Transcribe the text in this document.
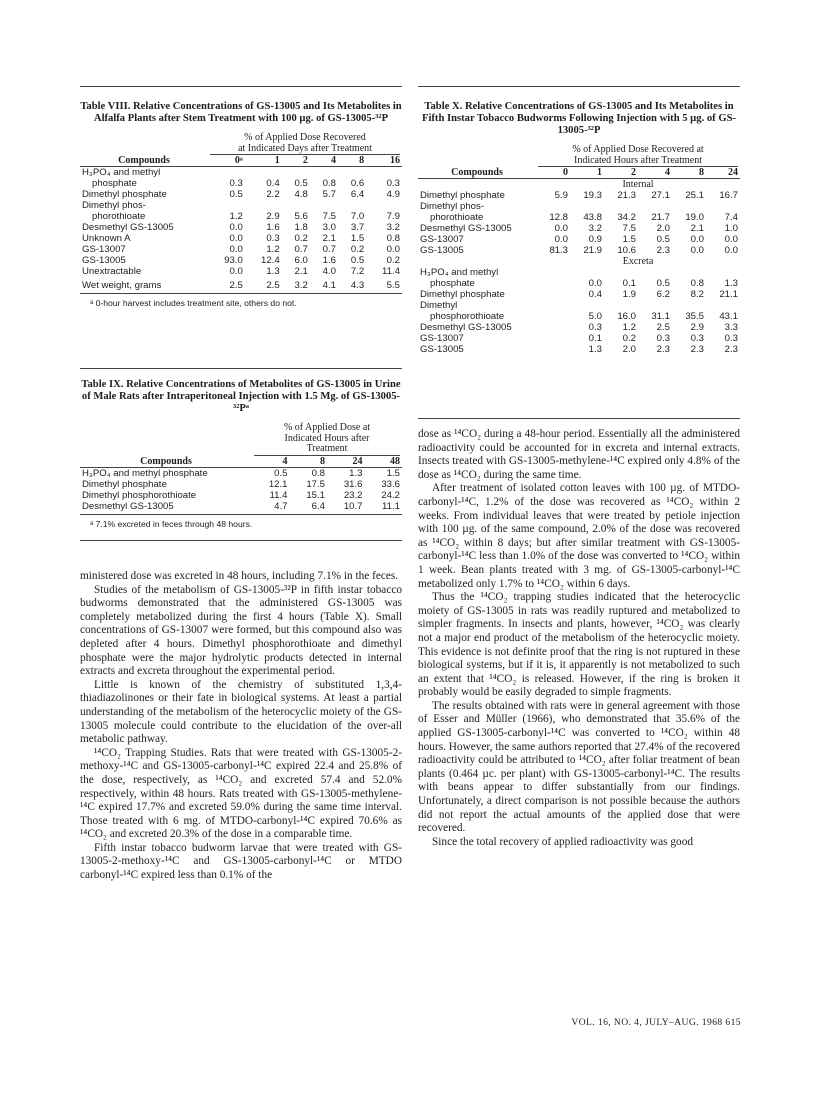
Table VIII. Relative Concentrations of GS-13005 and Its Metabolites in Alfalfa Plants after Stem Treatment with 100 µg. of GS-13005-³²P

	% of Applied Dose Recovered
at Indicated Days after Treatment					

Compounds	0ᵃ	1	2	4	8	16
H₃PO₄ and methyl						
phosphate	0.3	0.4	0.5	0.8	0.6	0.3
Dimethyl phosphate	0.5	2.2	4.8	5.7	6.4	4.9
Dimethyl phos-						
phorothioate	1.2	2.9	5.6	7.5	7.0	7.9
Desmethyl GS-13005	0.0	1.6	1.8	3.0	3.7	3.2
Unknown A	0.0	0.3	0.2	2.1	1.5	0.8
GS-13007	0.0	1.2	0.7	0.7	0.2	0.0
GS-13005	93.0	12.4	6.0	1.6	0.5	0.2
Unextractable	0.0	1.3	2.1	4.0	7.2	11.4

Wet weight, grams	2.5	2.5	3.2	4.1	4.3	5.5
ᵃ 0-hour harvest includes treatment site, others do not.
Table IX. Relative Concentrations of Metabolites of GS-13005 in Urine of Male Rats after Intraperitoneal Injection with 1.5 Mg. of GS-13005-³²Pᵃ

	% of Applied Dose at
Indicated Hours after
Treatment			

Compounds	4	8	24	48
H₃PO₄ and methyl phosphate	0.5	0.8	1.3	1.5
Dimethyl phosphate	12.1	17.5	31.6	33.6
Dimethyl phosphorothioate	11.4	15.1	23.2	24.2
Desmethyl GS-13005	4.7	6.4	10.7	11.1
ᵃ 7.1% excreted in feces through 48 hours.

ministered dose was excreted in 48 hours, including 7.1% in the feces.

Studies of the metabolism of GS-13005-³²P in fifth instar tobacco budworms demonstrated that the administered GS-13005 was completely metabolized during the first 4 hours (Table X). Small concentrations of GS-13007 were formed, but this compound also was depleted after 4 hours. Dimethyl phosphorothioate and dimethyl phosphate were the major hydrolytic products detected in internal extracts and excreta throughout the experimental period.

Little is known of the chemistry of substituted 1,3,4-thiadiazolinones or their fate in biological systems. At least a partial understanding of the metabolism of the heterocyclic moiety of the GS-13005 molecule could contribute to the elucidation of the over-all metabolic pathway.

¹⁴CO₂ Trapping Studies. Rats that were treated with GS-13005-2-methoxy-¹⁴C and GS-13005-carbonyl-¹⁴C expired 22.4 and 25.8% of the dose, respectively, as ¹⁴CO₂ and excreted 57.4 and 52.0% respectively, within 48 hours. Rats treated with GS-13005-methylene-¹⁴C expired 17.7% and excreted 59.0% during the same time interval. Those treated with 6 mg. of MTDO-carbonyl-¹⁴C expired 70.6% as ¹⁴CO₂ and excreted 20.3% of the dose in a comparable time.

Fifth instar tobacco budworm larvae that were treated with GS-13005-2-methoxy-¹⁴C and GS-13005-carbonyl-¹⁴C or MTDO carbonyl-¹⁴C expired less than 0.1% of the

Table X. Relative Concentrations of GS-13005 and Its Metabolites in Fifth Instar Tobacco Budworms Following Injection with 5 µg. of GS-13005-³²P

	% of Applied Dose Recovered at
Indicated Hours after Treatment					

Compounds	0	1	2	4	8	24
	Internal					
Dimethyl phosphate	5.9	19.3	21.3	27.1	25.1	16.7
Dimethyl phos-						
phorothioate	12.8	43.8	34.2	21.7	19.0	7.4
Desmethyl GS-13005	0.0	3.2	7.5	2.0	2.1	1.0
GS-13007	0.0	0.9	1.5	0.5	0.0	0.0
GS-13005	81.3	21.9	10.6	2.3	0.0	0.0
	Excreta					
H₃PO₄ and methyl						
phosphate		0.0	0.1	0.5	0.8	1.3
Dimethyl phosphate		0.4	1.9	6.2	8.2	21.1
Dimethyl						
phosphorothioate		5.0	16.0	31.1	35.5	43.1
Desmethyl GS-13005		0.3	1.2	2.5	2.9	3.3
GS-13007		0.1	0.2	0.3	0.3	0.3
GS-13005		1.3	2.0	2.3	2.3	2.3

dose as ¹⁴CO₂ during a 48-hour period. Essentially all the administered radioactivity could be accounted for in excreta and internal extracts. Insects treated with GS-13005-methylene-¹⁴C expired only 4.8% of the dose as ¹⁴CO₂ during the same time.

After treatment of isolated cotton leaves with 100 µg. of MTDO-carbonyl-¹⁴C, 1.2% of the dose was recovered as ¹⁴CO₂ within 2 weeks. From individual leaves that were treated by petiole injection with 100 µg. of the same compound, 2.0% of the dose was recovered as ¹⁴CO₂ within 8 days; but after similar treatment with GS-13005-carbonyl-¹⁴C less than 1.0% of the dose was converted to ¹⁴CO₂ within 1 week. Bean plants treated with 3 mg. of GS-13005-carbonyl-¹⁴C metabolized only 1.7% to ¹⁴CO₂ within 6 days.

Thus the ¹⁴CO₂ trapping studies indicated that the heterocyclic moiety of GS-13005 in rats was readily ruptured and metabolized to simpler fragments. In insects and plants, however, ¹⁴CO₂ was clearly not a major end product of the metabolism of the heterocyclic moiety. This evidence is not definite proof that the ring is not ruptured in these biological systems, but if it is, it apparently is not metabolized to such an extent that ¹⁴CO₂ is released. However, if the ring is broken it probably would be easily degraded to simple fragments.

The results obtained with rats were in general agreement with those of Esser and Müller (1966), who demonstrated that 35.6% of the applied GS-13005-carbonyl-¹⁴C was converted to ¹⁴CO₂ within 48 hours. However, the same authors reported that 27.4% of the recovered radioactivity could be attributed to ¹⁴CO₂ after foliar treatment of bean plants (0.464 µc. per plant) with GS-13005-carbonyl-¹⁴C. The results with beans appear to differ substantially from our findings. Unfortunately, a direct comparison is not possible because the authors did not report the actual amounts of the applied dose that were recovered.

Since the total recovery of applied radioactivity was good

VOL. 16, NO. 4, JULY–AUG. 1968 615
